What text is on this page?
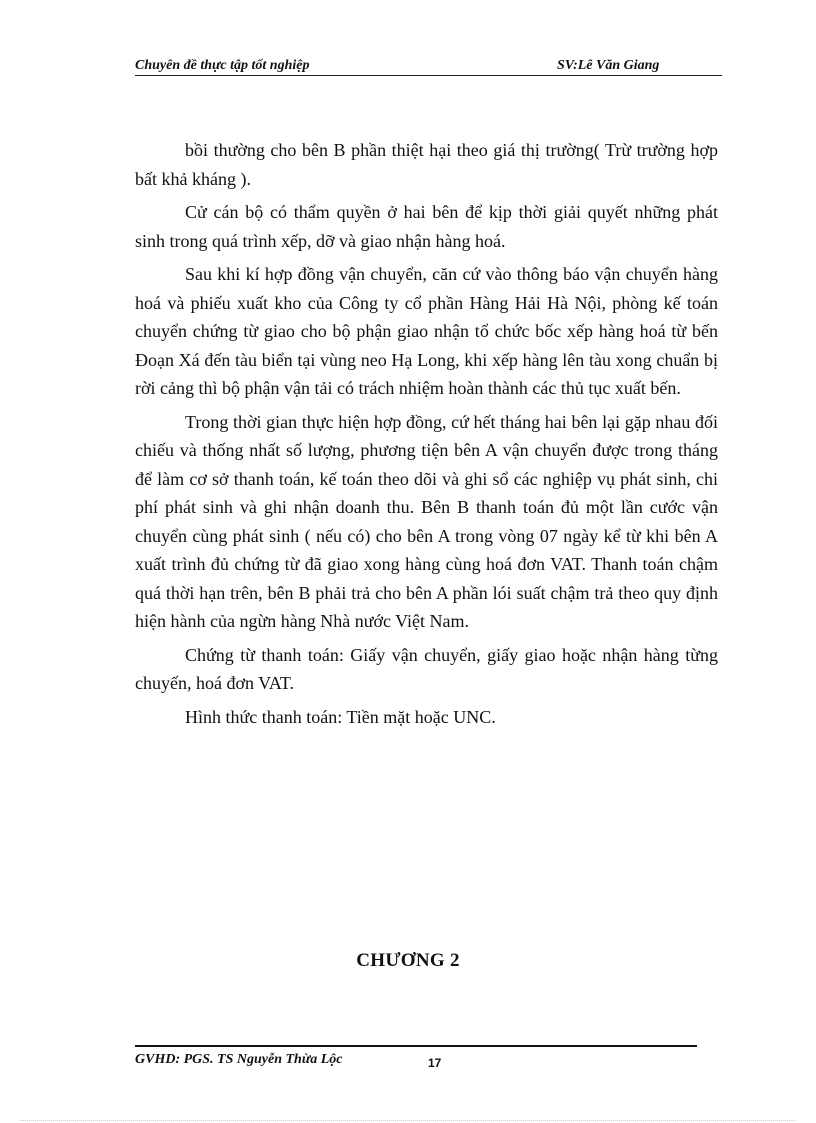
Chuyên đề thực tập tốt nghiệp	SV:Lê Văn Giang

bồi thường cho bên B phần thiệt hại theo giá thị trường( Trừ trường hợp bất khả kháng ).

Cử cán bộ có thẩm quyền ở hai bên để kịp thời giải quyết những phát sinh trong quá trình xếp, dỡ và giao nhận hàng hoá.

Sau khi kí hợp đồng vận chuyển, căn cứ vào thông báo vận chuyển hàng hoá và phiếu xuất kho của Công ty cổ phần Hàng Hải Hà Nội, phòng kế toán chuyển chứng từ giao cho bộ phận giao nhận tổ chức bốc xếp hàng hoá từ bến Đoạn Xá đến tàu biển tại vùng neo Hạ Long, khi xếp hàng lên tàu xong chuẩn bị rời cảng thì bộ phận vận tải có trách nhiệm hoàn thành các thủ tục xuất bến.

Trong thời gian thực hiện hợp đồng, cứ hết tháng hai bên lại gặp nhau đối chiếu và thống nhất số lượng, phương tiện bên A vận chuyển được trong tháng để làm cơ sở thanh toán, kế toán theo dõi và ghi sổ các nghiệp vụ phát sinh, chi phí phát sinh và ghi nhận doanh thu. Bên B thanh toán đủ một lần cước vận chuyển cùng phát sinh ( nếu có) cho bên A trong vòng 07 ngày kể từ khi bên A xuất trình đủ chứng từ đã giao xong hàng cùng hoá đơn VAT. Thanh toán chậm quá thời hạn trên, bên B phải trả cho bên A phần lói suất chậm trả theo quy định hiện hành của ngừn hàng Nhà nước Việt Nam.

Chứng từ thanh toán: Giấy vận chuyển, giấy giao hoặc nhận hàng từng chuyến, hoá đơn VAT.

Hình thức thanh toán: Tiền mặt hoặc UNC.

CHƯƠNG 2
GVHD: PGS. TS Nguyễn Thừa Lộc	17
